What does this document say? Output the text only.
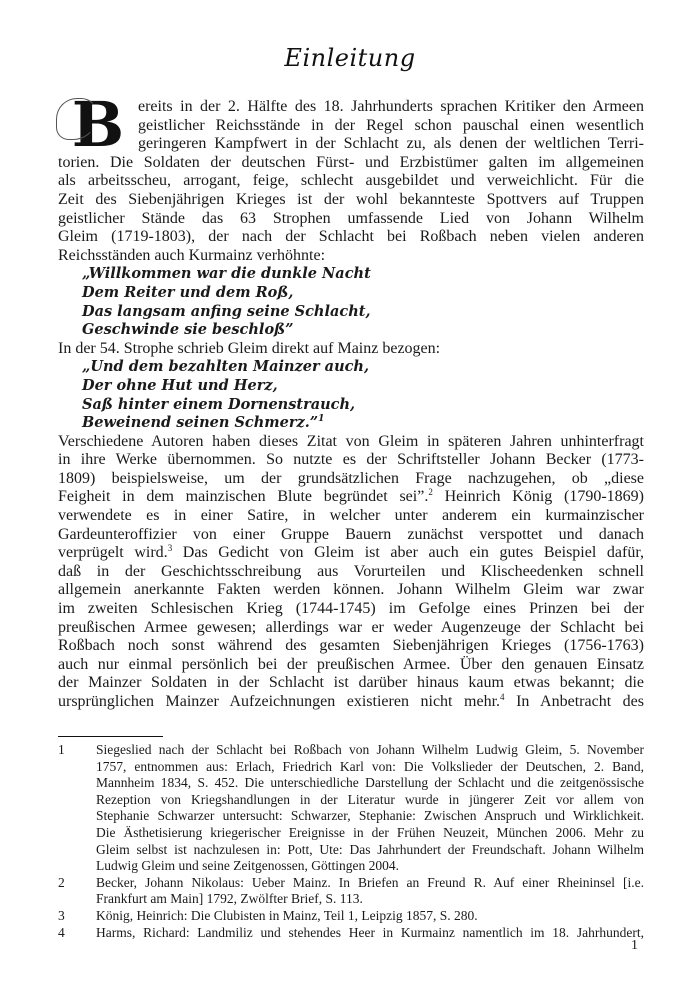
Einleitung
B ereits in der 2. Hälfte des 18. Jahrhunderts sprachen Kritiker den Armeen
geistlicher Reichsstände in der Regel schon pauschal einen wesentlich
geringeren Kampfwert in der Schlacht zu, als denen der weltlichen Terri-
torien. Die Soldaten der deutschen Fürst- und Erzbistümer galten im allgemeinen
als arbeitsscheu, arrogant, feige, schlecht ausgebildet und verweichlicht. Für die
Zeit des Siebenjährigen Krieges ist der wohl bekannteste Spottvers auf Truppen
geistlicher Stände das 63 Strophen umfassende Lied von Johann Wilhelm
Gleim (1719-1803), der nach der Schlacht bei Roßbach neben vielen anderen
Reichsständen auch Kurmainz verhöhnte:
„Willkommen war die dunkle Nacht
Dem Reiter und dem Roß,
Das langsam anfing seine Schlacht,
Geschwinde sie beschloß”
In der 54. Strophe schrieb Gleim direkt auf Mainz bezogen:
„Und dem bezahlten Mainzer auch,
Der ohne Hut und Herz,
Saß hinter einem Dornenstrauch,
Beweinend seinen Schmerz.”$^1$
Verschiedene Autoren haben dieses Zitat von Gleim in späteren Jahren unhinterfragt
in ihre Werke übernommen. So nutzte es der Schriftsteller Johann Becker (1773-
1809) beispielsweise, um der grundsätzlichen Frage nachzugehen, ob „diese
Feigheit in dem mainzischen Blute begründet sei”.$^2$ Heinrich König (1790-1869)
verwendete es in einer Satire, in welcher unter anderem ein kurmainzischer
Gardeunteroffizier von einer Gruppe Bauern zunächst verspottet und danach
verprügelt wird.$^3$ Das Gedicht von Gleim ist aber auch ein gutes Beispiel dafür,
daß in der Geschichtsschreibung aus Vorurteilen und Klischeedenken schnell
allgemein anerkannte Fakten werden können. Johann Wilhelm Gleim war zwar
im zweiten Schlesischen Krieg (1744-1745) im Gefolge eines Prinzen bei der
preußischen Armee gewesen; allerdings war er weder Augenzeuge der Schlacht bei
Roßbach noch sonst während des gesamten Siebenjährigen Krieges (1756-1763)
auch nur einmal persönlich bei der preußischen Armee. Über den genauen Einsatz
der Mainzer Soldaten in der Schlacht ist darüber hinaus kaum etwas bekannt; die
ursprünglichen Mainzer Aufzeichnungen existieren nicht mehr.$^4$ In Anbetracht des
1	Siegeslied nach der Schlacht bei Roßbach von Johann Wilhelm Ludwig Gleim, 5. November
1757, entnommen aus: Erlach, Friedrich Karl von: Die Volkslieder der Deutschen, 2. Band,
Mannheim 1834, S. 452. Die unterschiedliche Darstellung der Schlacht und die zeitgenössische
Rezeption von Kriegshandlungen in der Literatur wurde in jüngerer Zeit vor allem von
Stephanie Schwarzer untersucht: Schwarzer, Stephanie: Zwischen Anspruch und Wirklichkeit.
Die Ästhetisierung kriegerischer Ereignisse in der Frühen Neuzeit, München 2006. Mehr zu
Gleim selbst ist nachzulesen in: Pott, Ute: Das Jahrhundert der Freundschaft. Johann Wilhelm
Ludwig Gleim und seine Zeitgenossen, Göttingen 2004.
2	Becker, Johann Nikolaus: Ueber Mainz. In Briefen an Freund R. Auf einer Rheininsel [i.e.
Frankfurt am Main] 1792, Zwölfter Brief, S. 113.
3	König, Heinrich: Die Clubisten in Mainz, Teil 1, Leipzig 1857, S. 280.
4	Harms, Richard: Landmiliz und stehendes Heer in Kurmainz namentlich im 18. Jahrhundert,
1
